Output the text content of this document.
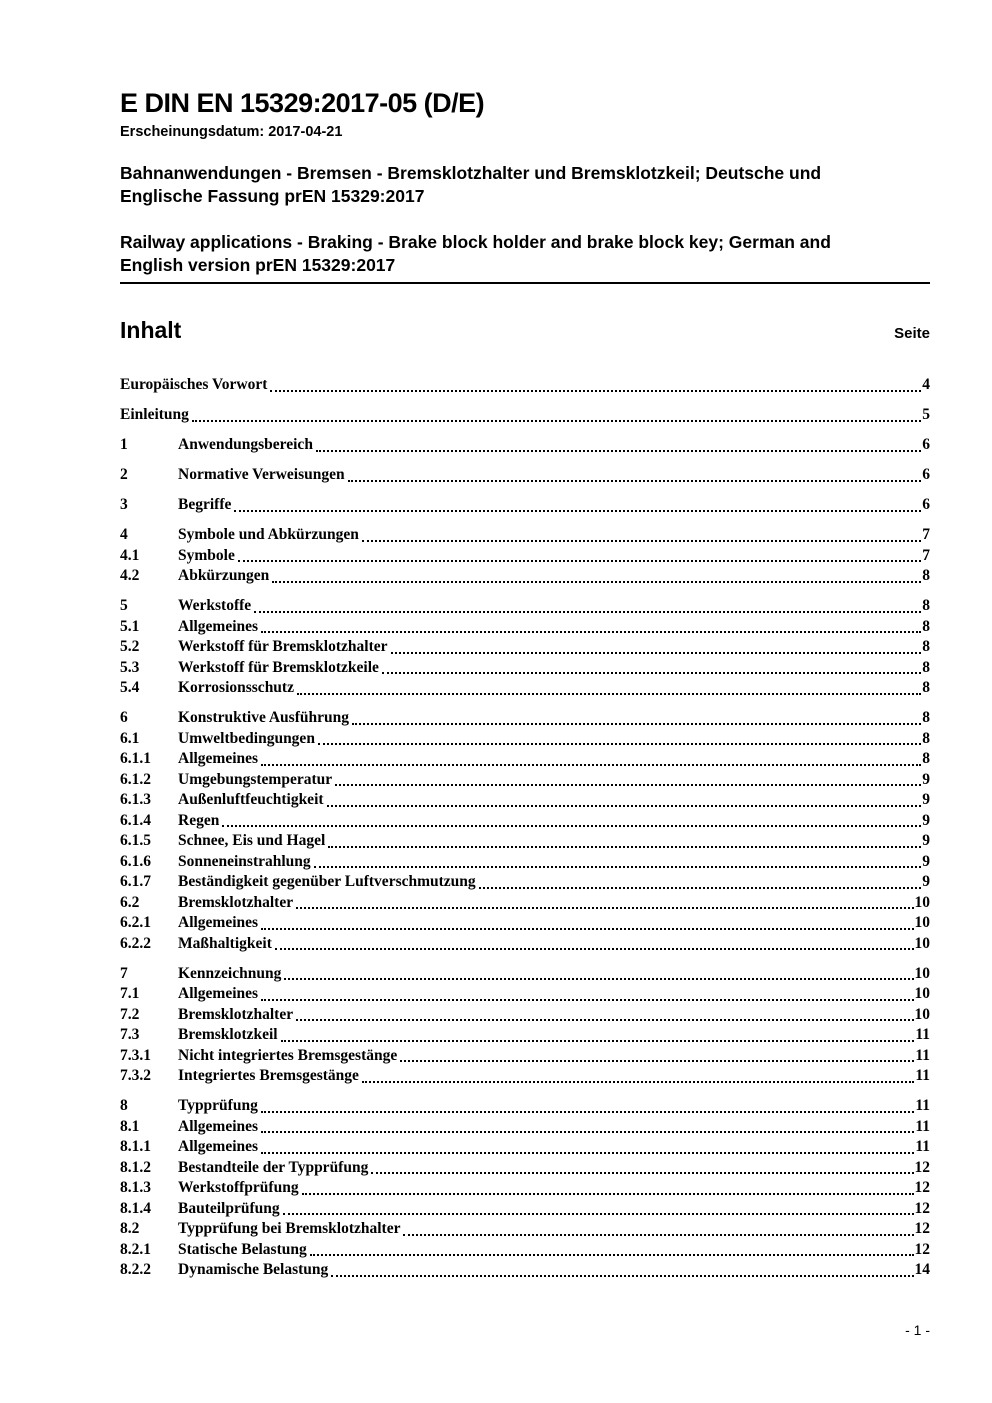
E DIN EN 15329:2017-05 (D/E)
Erscheinungsdatum: 2017-04-21
Bahnanwendungen - Bremsen - Bremsklotzhalter und Bremsklotzkeil; Deutsche und
Englische Fassung prEN 15329:2017
Railway applications - Braking - Brake block holder and brake block key; German and
English version prEN 15329:2017
Inhalt	Seite
Europäisches Vorwort	4
Einleitung	5
1	Anwendungsbereich	6
2	Normative Verweisungen	6
3	Begriffe	6
4	Symbole und Abkürzungen	7
4.1	Symbole	7
4.2	Abkürzungen	8
5	Werkstoffe	8
5.1	Allgemeines	8
5.2	Werkstoff für Bremsklotzhalter	8
5.3	Werkstoff für Bremsklotzkeile	8
5.4	Korrosionsschutz	8
6	Konstruktive Ausführung	8
6.1	Umweltbedingungen	8
6.1.1	Allgemeines	8
6.1.2	Umgebungstemperatur	9
6.1.3	Außenluftfeuchtigkeit	9
6.1.4	Regen	9
6.1.5	Schnee, Eis und Hagel	9
6.1.6	Sonneneinstrahlung	9
6.1.7	Beständigkeit gegenüber Luftverschmutzung	9
6.2	Bremsklotzhalter	10
6.2.1	Allgemeines	10
6.2.2	Maßhaltigkeit	10
7	Kennzeichnung	10
7.1	Allgemeines	10
7.2	Bremsklotzhalter	10
7.3	Bremsklotzkeil	11
7.3.1	Nicht integriertes Bremsgestänge	11
7.3.2	Integriertes Bremsgestänge	11
8	Typprüfung	11
8.1	Allgemeines	11
8.1.1	Allgemeines	11
8.1.2	Bestandteile der Typprüfung	12
8.1.3	Werkstoffprüfung	12
8.1.4	Bauteilprüfung	12
8.2	Typprüfung bei Bremsklotzhalter	12
8.2.1	Statische Belastung	12
8.2.2	Dynamische Belastung	14
- 1 -
